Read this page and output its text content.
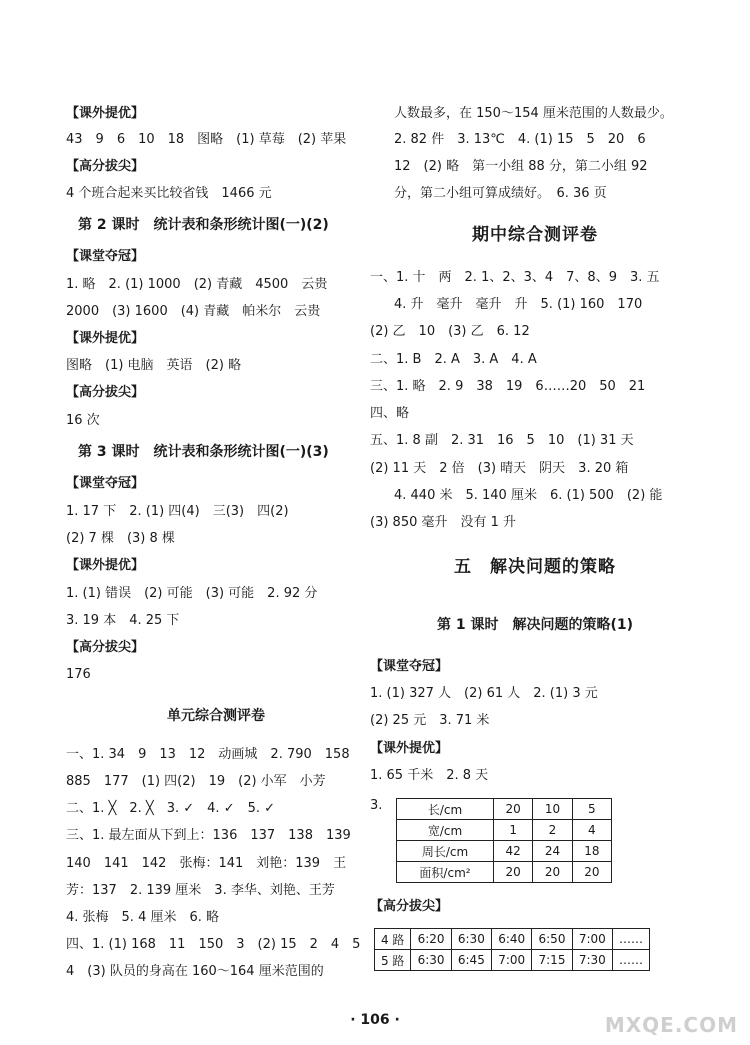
【课外提优】
43　9　6　10　18　图略　(1) 草莓　(2) 苹果
【高分拔尖】
4 个班合起来买比较省钱　1466 元
第 2 课时　统计表和条形统计图(一)(2)
【课堂夺冠】
1. 略　2. (1) 1000　(2) 青藏　4500　云贵
2000　(3) 1600　(4) 青藏　帕米尔　云贵
【课外提优】
图略　(1) 电脑　英语　(2) 略
【高分拔尖】
16 次
第 3 课时　统计表和条形统计图(一)(3)
【课堂夺冠】
1. 17 下　2. (1) 四(4)　三(3)　四(2)
(2) 7 棵　(3) 8 棵
【课外提优】
1. (1) 错误　(2) 可能　(3) 可能　2. 92 分
3. 19 本　4. 25 下
【高分拔尖】
176
单元综合测评卷
一、1. 34　9　13　12　动画城　2. 790　158
885　177　(1) 四(2)　19　(2) 小军　小芳
二、1. ╳　2. ╳　3. ✓　4. ✓　5. ✓
三、1. 最左面从下到上：136　137　138　139
140　141　142　张梅：141　刘艳：139　王
芳：137　2. 139 厘米　3. 李华、刘艳、王芳
4. 张梅　5. 4 厘米　6. 略
四、1. (1) 168　11　150　3　(2) 15　2　4　5
4　(3) 队员的身高在 160～164 厘米范围的
人数最多，在 150～154 厘米范围的人数最少。
2. 82 件　3. 13℃　4. (1) 15　5　20　6
12　(2) 略　第一小组 88 分，第二小组 92
分，第二小组可算成绩好。　6. 36 页
期中综合测评卷
一、1. 十　两　2. 1、2、3、4　7、8、9　3. 五
4. 升　毫升　毫升　升　5. (1) 160　170
(2) 乙　10　(3) 乙　6. 12
二、1. B　2. A　3. A　4. A
三、1. 略　2. 9　38　19　6……20　50　21
四、略
五、1. 8 副　2. 31　16　5　10　(1) 31 天
(2) 11 天　2 倍　(3) 晴天　阴天　3. 20 箱
4. 440 米　5. 140 厘米　6. (1) 500　(2) 能
(3) 850 毫升　没有 1 升
五　解决问题的策略
第 1 课时　解决问题的策略(1)
【课堂夺冠】
1. (1) 327 人　(2) 61 人　2. (1) 3 元
(2) 25 元　3. 71 米
【课外提优】
1. 65 千米　2. 8 天
3.	长/cm	20	10	5
宽/cm	1	2	4
周长/cm	42	24	18
面积/cm²	20	20	20
【高分拔尖】
4 路	6:20	6:30	6:40	6:50	7:00	……
5 路	6:30	6:45	7:00	7:15	7:30	……
· 106 ·	MXQE.COM
